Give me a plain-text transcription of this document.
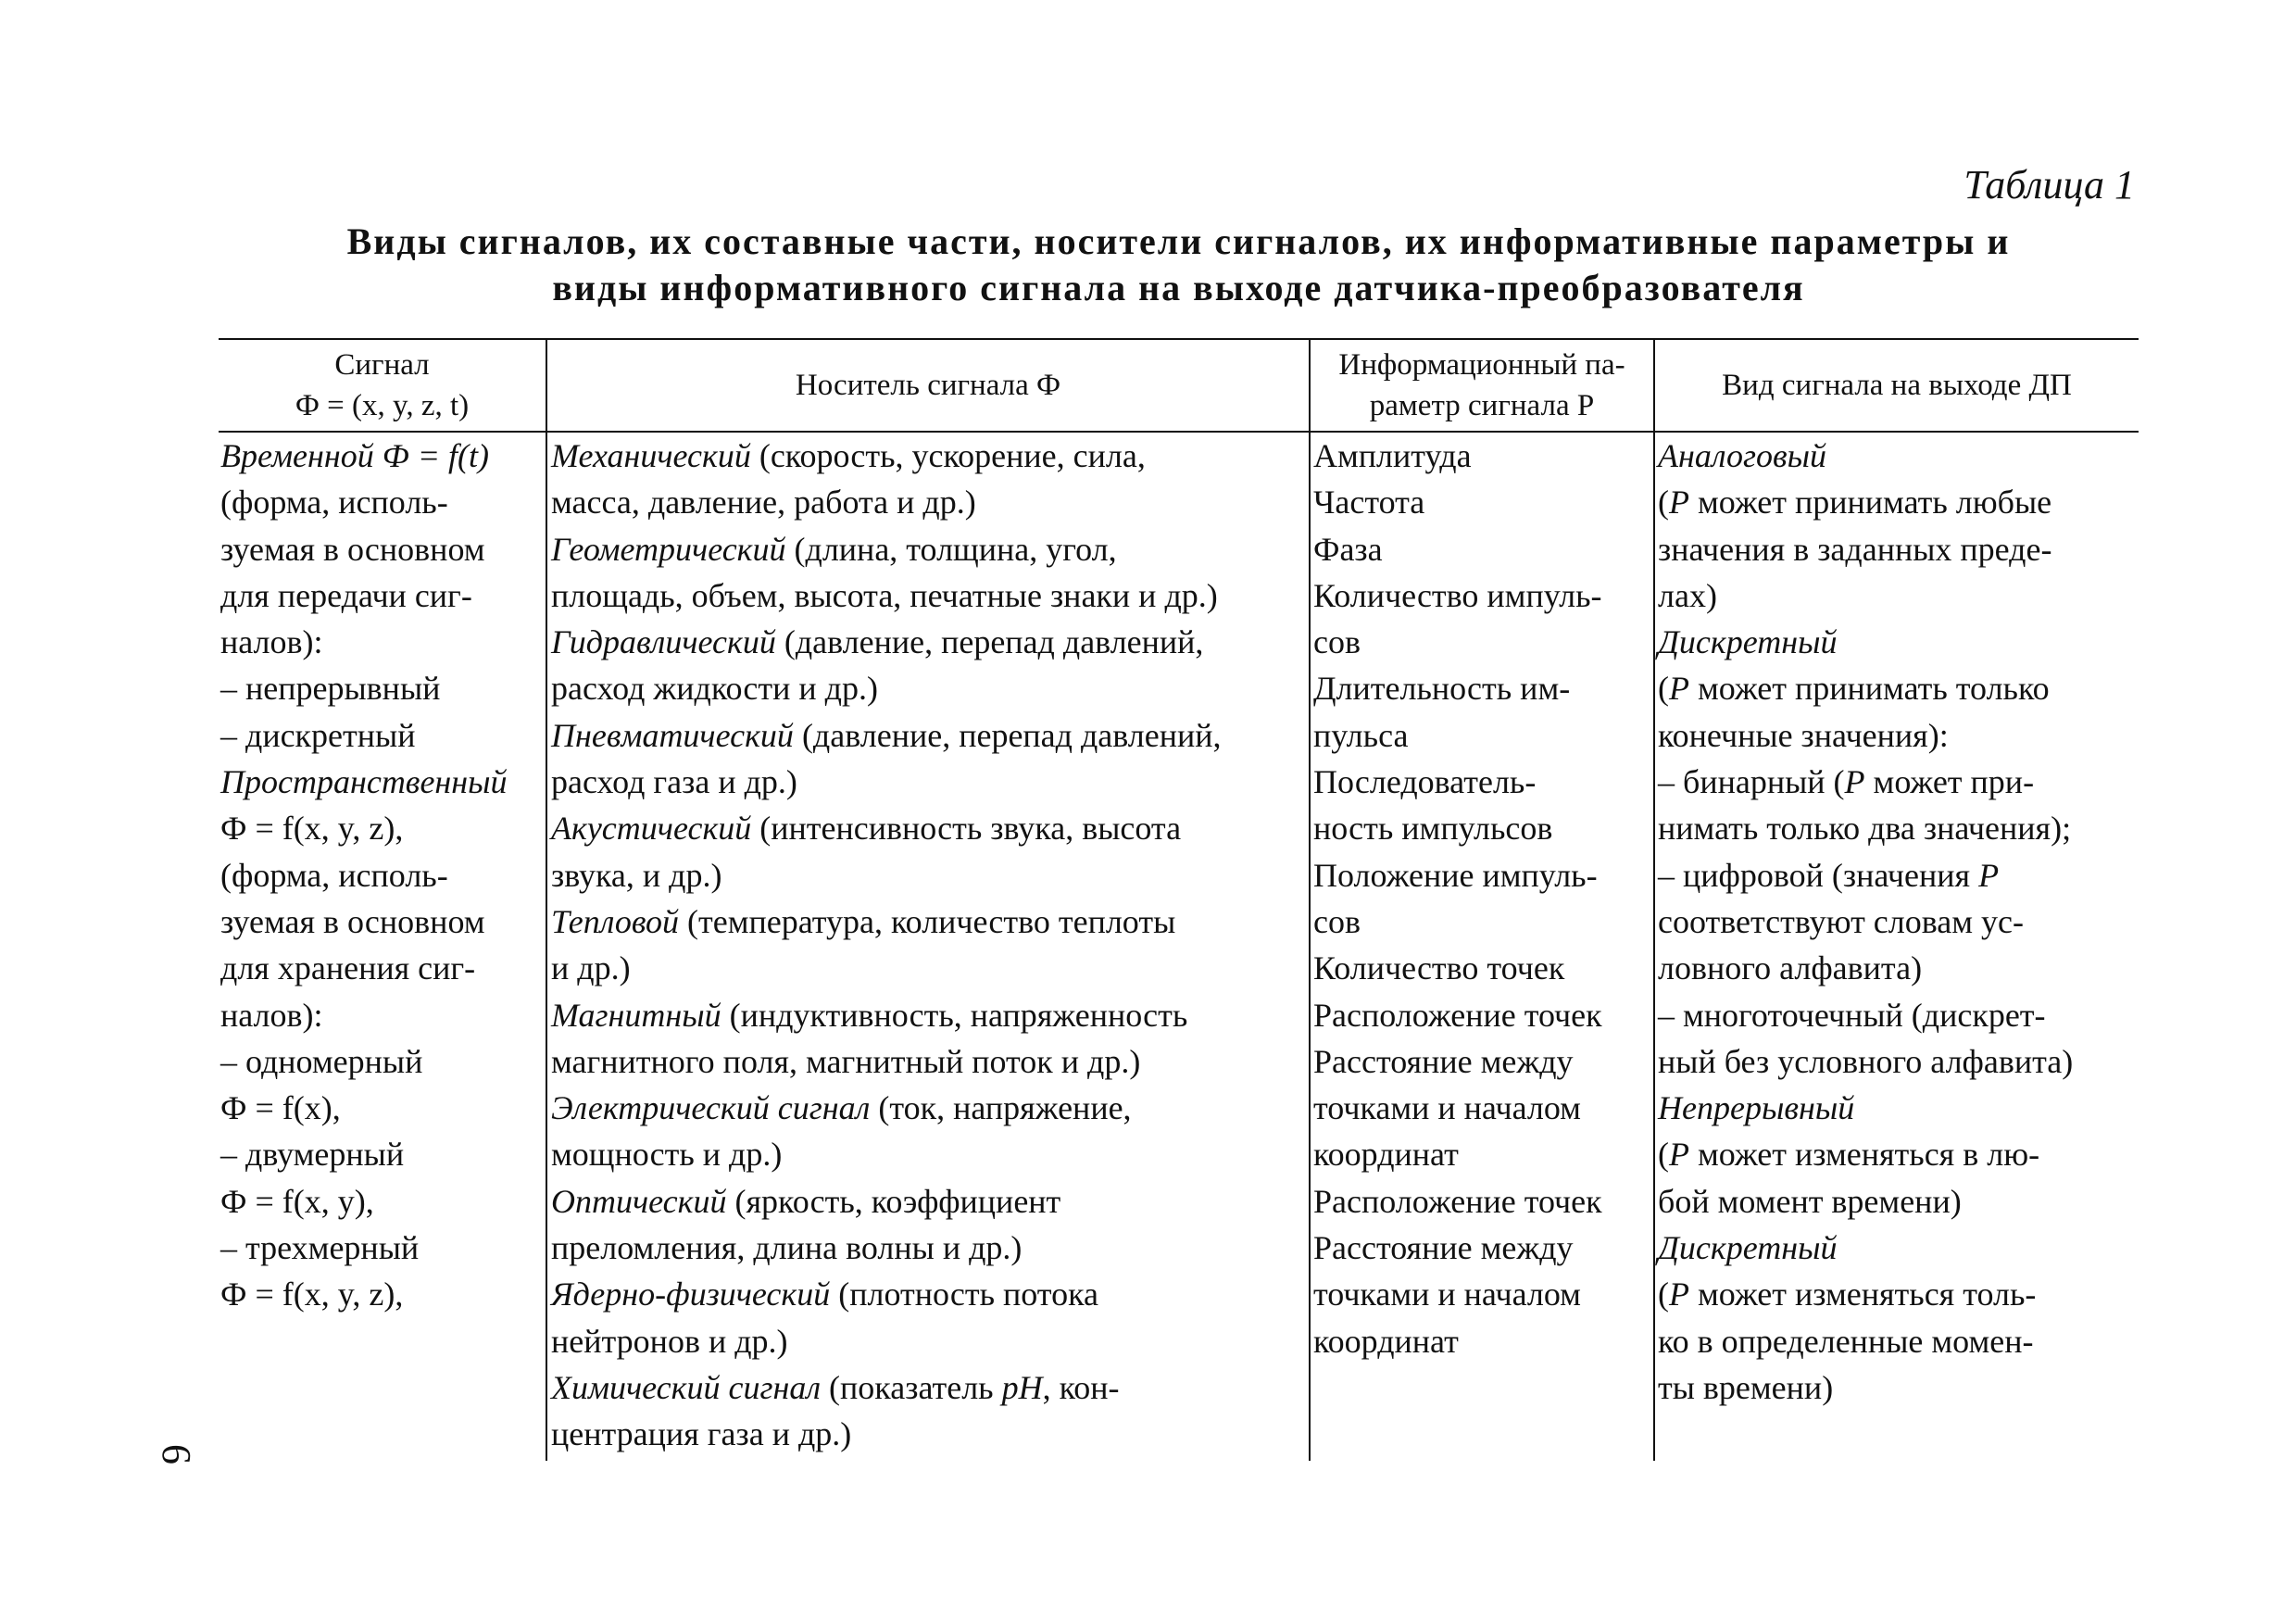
Таблица 1
Виды сигналов, их составные части, носители сигналов, их информативные параметры и
виды информативного сигнала на выходе датчика-преобразователя
Сигнал
Ф = (x, y, z, t)
Носитель сигнала Ф
Информационный па-
раметр сигнала P
Вид сигнала на выходе ДП
Временной Ф = f(t)
(форма, исполь-
зуемая в основном
для передачи сиг-
налов):
– непрерывный
– дискретный
Пространственный
Ф = f(x, y, z),
(форма, исполь-
зуемая в основном
для хранения сиг-
налов):
– одномерный
Ф = f(x),
– двумерный
Ф = f(x, y),
– трехмерный
Ф = f(x, y, z),
Механический (скорость, ускорение, сила,
масса, давление, работа и др.)
Геометрический (длина, толщина, угол,
площадь, объем, высота, печатные знаки и др.)
Гидравлический (давление, перепад давлений,
расход жидкости и др.)
Пневматический (давление, перепад давлений,
расход газа и др.)
Акустический (интенсивность звука, высота
звука, и др.)
Тепловой (температура, количество теплоты
и др.)
Магнитный (индуктивность, напряженность
магнитного поля, магнитный поток и др.)
Электрический сигнал (ток, напряжение,
мощность и др.)
Оптический (яркость, коэффициент
преломления, длина волны и др.)
Ядерно-физический (плотность потока
нейтронов и др.)
Химический сигнал (показатель pH, кон-
центрация газа и др.)
Амплитуда
Частота
Фаза
Количество импуль-
сов
Длительность им-
пульса
Последователь-
ность импульсов
Положение импуль-
сов
Количество точек
Расположение точек
Расстояние между
точками и началом
координат
Расположение точек
Расстояние между
точками и началом
координат
Аналоговый
(P может принимать любые
значения в заданных преде-
лах)
Дискретный
(P может принимать только
конечные значения):
– бинарный (P может при-
нимать только два значения);
– цифровой (значения P
соответствуют словам ус-
ловного алфавита)
– многоточечный (дискрет-
ный без условного алфавита)
Непрерывный
(P может изменяться в лю-
бой момент времени)
Дискретный
(P может изменяться толь-
ко в определенные момен-
ты времени)
6
